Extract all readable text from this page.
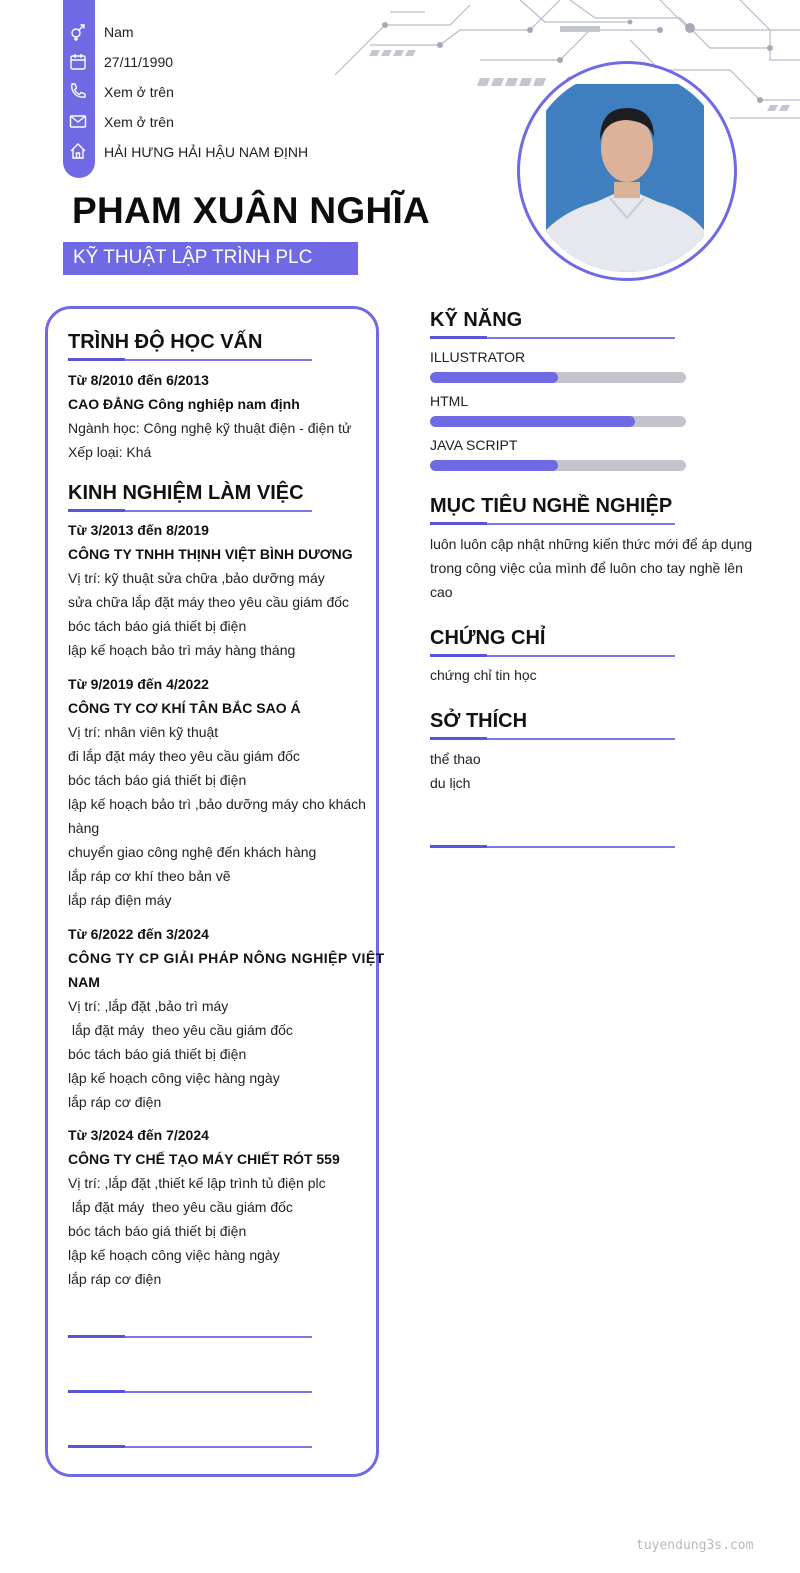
Nam
27/11/1990
Xem ở trên
Xem ở trên
HẢI HƯNG HẢI HẬU NAM ĐỊNH
PHAM XUÂN NGHĨA
KỸ THUẬT LẬP TRÌNH PLC
TRÌNH ĐỘ HỌC VẤN
Từ 8/2010 đến 6/2013
CAO ĐẲNG Công nghiệp nam định
Ngành học: Công nghệ kỹ thuật điện - điện tử
Xếp loại: Khá
KINH NGHIỆM LÀM VIỆC
Từ 3/2013 đến 8/2019
CÔNG TY TNHH THỊNH VIỆT BÌNH DƯƠNG
Vị trí: kỹ thuật sửa chữa ,bảo dưỡng máy
sửa chữa lắp đặt máy theo yêu cầu giám đốc
bóc tách báo giá thiết bị điện
lập kế hoạch bảo trì máy hàng tháng
Từ 9/2019 đến 4/2022
CÔNG TY CƠ KHÍ TÂN BẮC SAO Á
Vị trí: nhân viên kỹ thuật
đi lắp đặt máy theo yêu cầu giám đốc
bóc tách báo giá thiết bị điện
lập kế hoạch bảo trì ,bảo dưỡng máy cho khách
hàng
chuyển giao công nghệ đến khách hàng
lắp ráp cơ khí theo bản vẽ
lắp ráp điện máy
Từ 6/2022 đến 3/2024
CÔNG TY CP GIẢI PHÁP NÔNG NGHIỆP VIỆT
NAM
Vị trí: ,lắp đặt ,bảo trì máy
lắp đặt máy  theo yêu cầu giám đốc
bóc tách báo giá thiết bị điện
lập kế hoạch công việc hàng ngày
lắp ráp cơ điện
Từ 3/2024 đến 7/2024
CÔNG TY CHẾ TẠO MÁY CHIẾT RÓT 559
Vị trí: ,lắp đặt ,thiết kế lập trình tủ điện plc
lắp đặt máy  theo yêu cầu giám đốc
bóc tách báo giá thiết bị điện
lập kế hoạch công việc hàng ngày
lắp ráp cơ điện
KỸ NĂNG
ILLUSTRATOR
HTML
JAVA SCRIPT
MỤC TIÊU NGHỀ NGHIỆP
luôn luôn cập nhật những kiến thức mới để áp dụng
trong công việc của mình để luôn cho tay nghề lên
cao
CHỨNG CHỈ
chứng chỉ tin học
SỞ THÍCH
thể thao
du lịch
tuyendung3s.com
